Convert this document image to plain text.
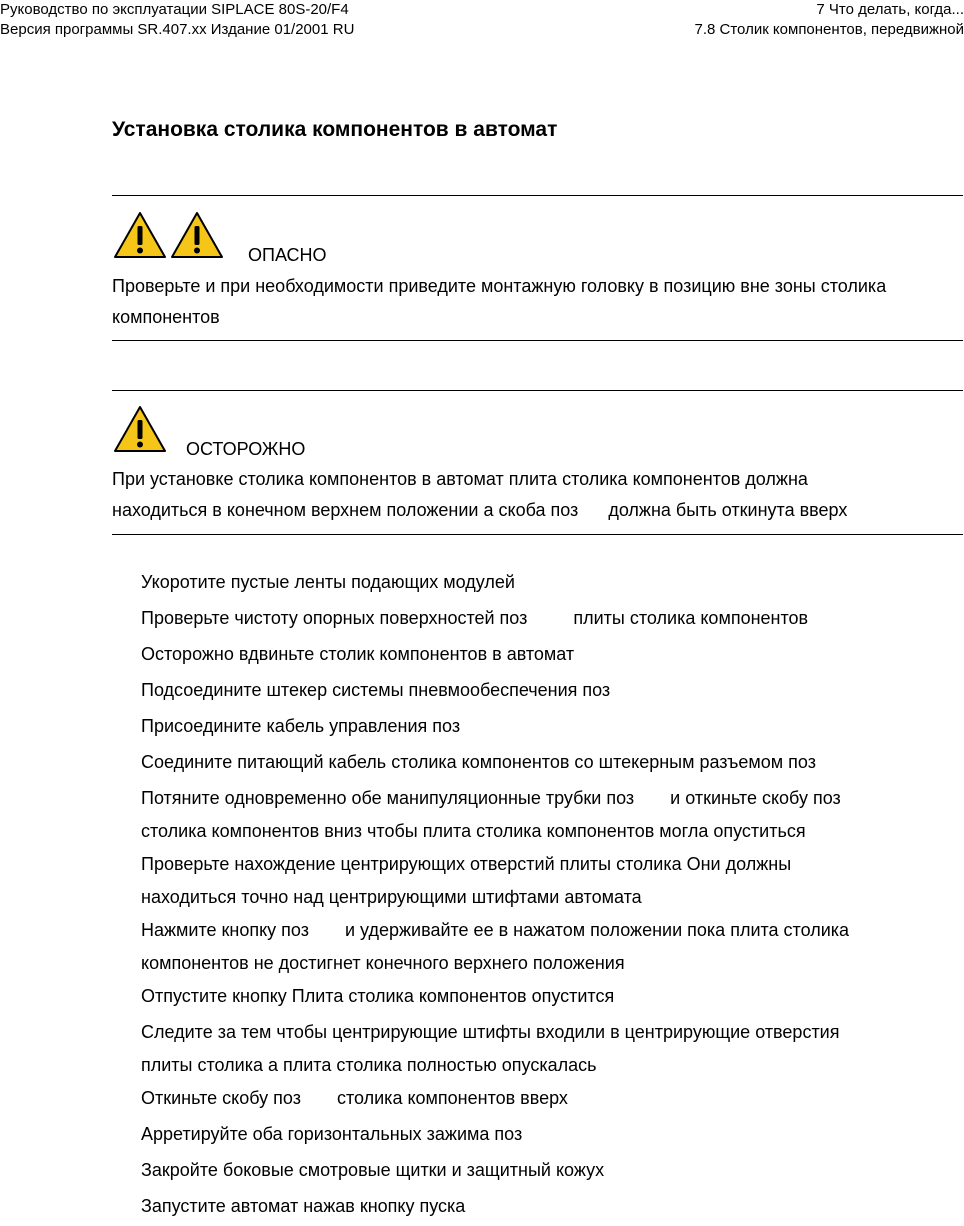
Руководство по эксплуатации SIPLACE 80S-20/F4
Версия программы SR.407.xx Издание 01/2001 RU
7 Что делать, когда...
7.8 Столик компонентов, передвижной
Установка столика компонентов в автомат
ОПАСНО
Проверьте и при необходимости приведите монтажную головку в позицию вне зоны столика
компонентов
ОСТОРОЖНО
При установке столика компонентов в автомат плита столика компонентов должна
находиться в конечном верхнем положении а скоба поз должна быть откинута вверх
Укоротите пустые ленты подающих модулей
Проверьте чистоту опорных поверхностей поз	плиты столика компонентов
Осторожно вдвиньте столик компонентов в автомат
Подсоедините штекер системы пневмообеспечения поз
Присоедините кабель управления поз
Соедините питающий кабель столика компонентов со штекерным разъемом поз
Потяните одновременно обе манипуляционные трубки поз и откиньте скобу поз
столика компонентов вниз чтобы плита столика компонентов могла опуститься
Проверьте нахождение центрирующих отверстий плиты столика Они должны
находиться точно над центрирующими штифтами автомата
Нажмите кнопку поз и удерживайте ее в нажатом положении пока плита столика
компонентов не достигнет конечного верхнего положения
Отпустите кнопку Плита столика компонентов опустится
Следите за тем чтобы центрирующие штифты входили в центрирующие отверстия
плиты столика а плита столика полностью опускалась
Откиньте скобу поз столика компонентов вверх
Арретируйте оба горизонтальных зажима поз
Закройте боковые смотровые щитки и защитный кожух
Запустите автомат нажав кнопку пуска
